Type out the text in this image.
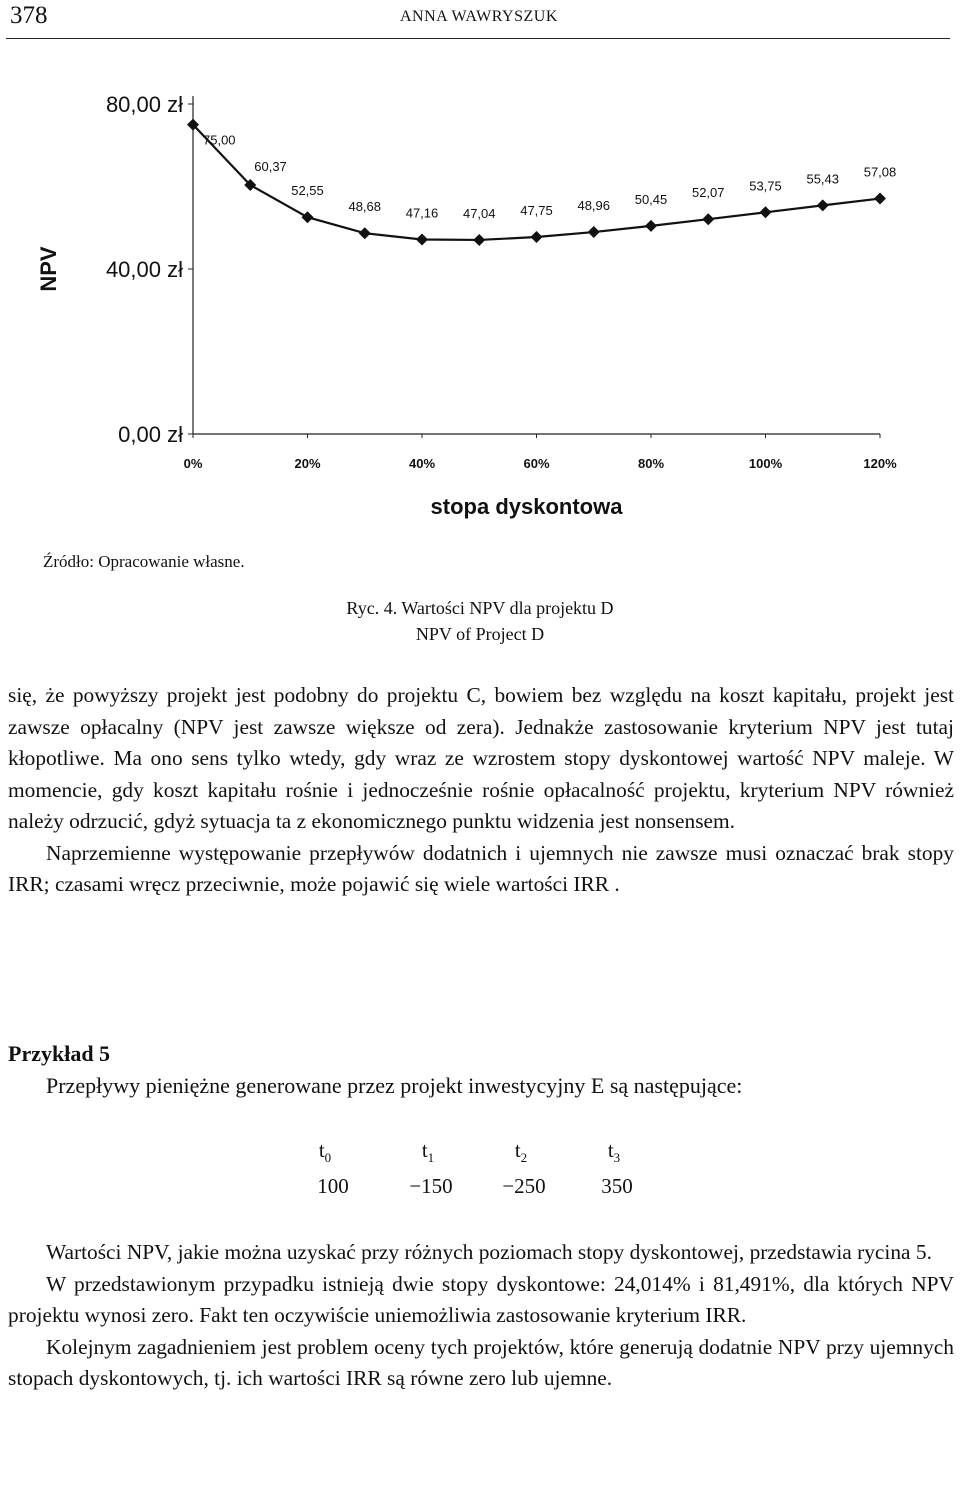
378	ANNA WAWRYSZUK
0,00 zł
40,00 zł
80,00 zł
0%	20%	40%	60%	80%	100%	120%
stopa dyskontowa
NPV
75,00
60,37
52,55
48,68 47,16 47,04 47,75 48,96 50,45 52,07 53,75 55,43 57,08
Źródło: Opracowanie własne.
Ryc. 4. Wartości NPV dla projektu D
NPV of Project D

się, że powyższy projekt jest podobny do projektu C, bowiem bez względu na koszt kapitału, projekt jest zawsze opłacalny (NPV jest zawsze większe od zera). Jednakże zastosowanie kryterium NPV jest tutaj kłopotliwe. Ma ono sens tylko wtedy, gdy wraz ze wzrostem stopy dyskontowej wartość NPV maleje. W momencie, gdy koszt kapitału rośnie i jednocześnie rośnie opłacalność projektu, kryterium NPV również należy odrzucić, gdyż sytuacja ta z ekonomicznego punktu widzenia jest nonsensem.

Naprzemienne występowanie przepływów dodatnich i ujemnych nie zawsze musi oznaczać brak stopy IRR; czasami wręcz przeciwnie, może pojawić się wiele wartości IRR .

Przykład 5
Przepływy pieniężne generowane przez projekt inwestycyjny E są następujące:
$t_0$	$t_1$	$t_2$	$t_3$
100	−150	−250	350

Wartości NPV, jakie można uzyskać przy różnych poziomach stopy dyskontowej, przedstawia rycina 5.

W przedstawionym przypadku istnieją dwie stopy dyskontowe: 24,014% i 81,491%, dla których NPV projektu wynosi zero. Fakt ten oczywiście uniemożliwia zastosowanie kryterium IRR.

Kolejnym zagadnieniem jest problem oceny tych projektów, które generują dodatnie NPV przy ujemnych stopach dyskontowych, tj. ich wartości IRR są równe zero lub ujemne.
